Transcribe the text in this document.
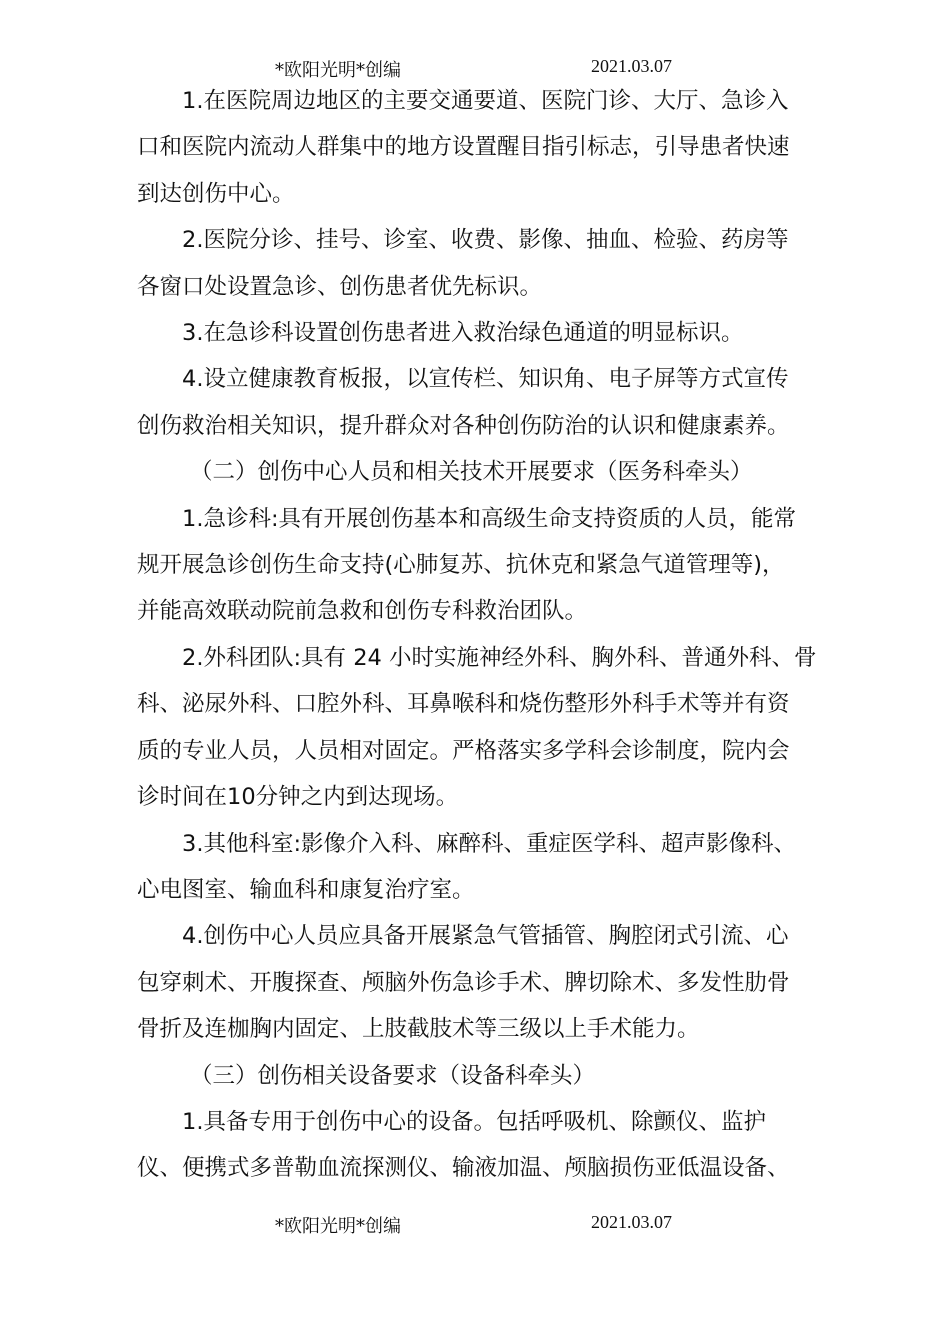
*欧阳光明*创编	2021.03.07

1.在医院周边地区的主要交通要道、医院门诊、大厅、急诊入

口和医院内流动人群集中的地方设置醒目指引标志，引导患者快速

到达创伤中心。

2.医院分诊、挂号、诊室、收费、影像、抽血、检验、药房等

各窗口处设置急诊、创伤患者优先标识。

3.在急诊科设置创伤患者进入救治绿色通道的明显标识。

4.设立健康教育板报，以宣传栏、知识角、电子屏等方式宣传

创伤救治相关知识，提升群众对各种创伤防治的认识和健康素养。

（二）创伤中心人员和相关技术开展要求（医务科牵头）

1.急诊科:具有开展创伤基本和高级生命支持资质的人员，能常

规开展急诊创伤生命支持(心肺复苏、抗休克和紧急气道管理等)，

并能高效联动院前急救和创伤专科救治团队。

2.外科团队:具有 24 小时实施神经外科、胸外科、普通外科、骨

科、泌尿外科、口腔外科、耳鼻喉科和烧伤整形外科手术等并有资

质的专业人员，人员相对固定。严格落实多学科会诊制度，院内会

诊时间在10分钟之内到达现场。

3.其他科室:影像介入科、麻醉科、重症医学科、超声影像科、

心电图室、输血科和康复治疗室。

4.创伤中心人员应具备开展紧急气管插管、胸腔闭式引流、心

包穿刺术、开腹探查、颅脑外伤急诊手术、脾切除术、多发性肋骨

骨折及连枷胸内固定、上肢截肢术等三级以上手术能力。

（三）创伤相关设备要求（设备科牵头）

1.具备专用于创伤中心的设备。包括呼吸机、除颤仪、监护

仪、便携式多普勒血流探测仪、输液加温、颅脑损伤亚低温设备、

*欧阳光明*创编	2021.03.07
